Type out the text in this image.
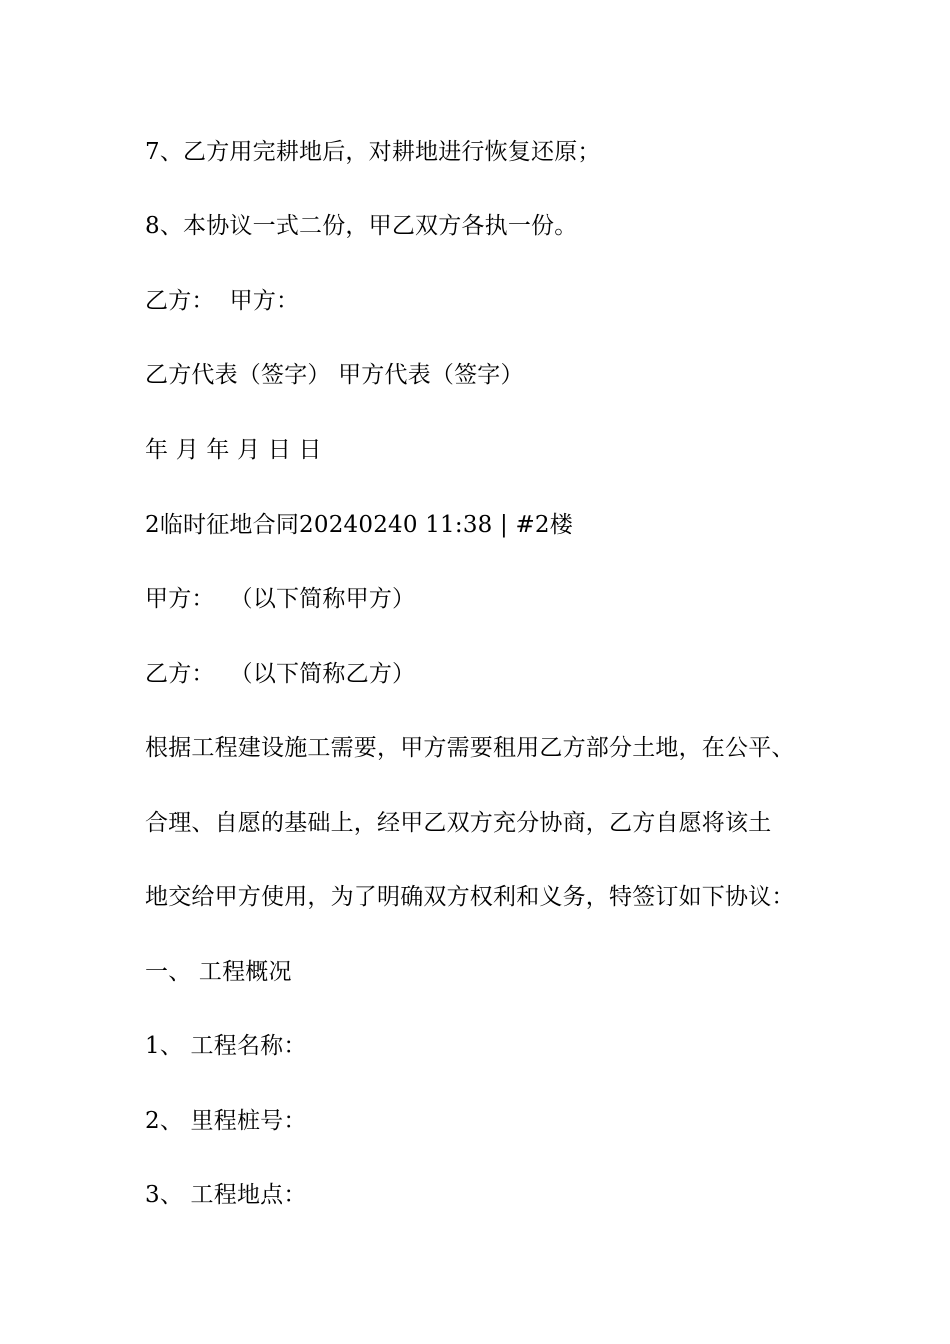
7、乙方用完耕地后，对耕地进行恢复还原；
8、本协议一式二份，甲乙双方各执一份。
乙方：  甲方：
乙方代表（签字） 甲方代表（签字）
年 月 年 月 日 日
2临时征地合同20240240 11:38 | #2楼
甲方：  （以下简称甲方）
乙方：  （以下简称乙方）
根据工程建设施工需要，甲方需要租用乙方部分土地，在公平、
合理、自愿的基础上，经甲乙双方充分协商，乙方自愿将该土
地交给甲方使用，为了明确双方权利和义务，特签订如下协议：
一、 工程概况
1、 工程名称：
2、 里程桩号：
3、 工程地点：
